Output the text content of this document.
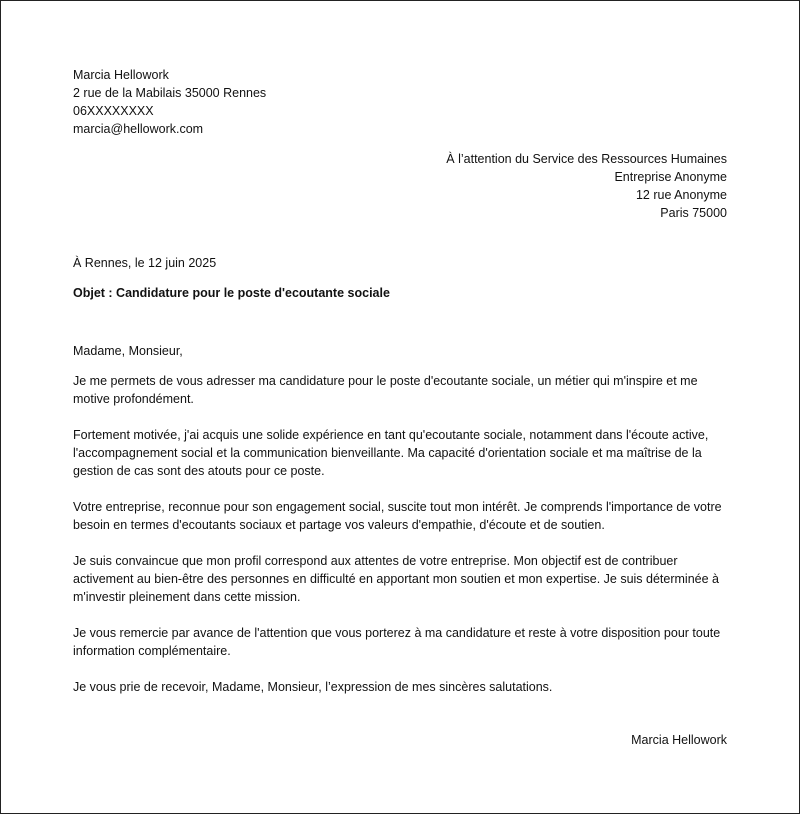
Marcia Hellowork
2 rue de la Mabilais 35000 Rennes
06XXXXXXXX
marcia@hellowork.com
À l’attention du Service des Ressources Humaines
Entreprise Anonyme
12 rue Anonyme
Paris 75000
À Rennes, le 12 juin 2025
Objet : Candidature pour le poste d'ecoutante sociale

Madame, Monsieur,

Je me permets de vous adresser ma candidature pour le poste d'ecoutante sociale, un métier qui m'inspire et me motive profondément.

Fortement motivée, j'ai acquis une solide expérience en tant qu'ecoutante sociale, notamment dans l'écoute active, l'accompagnement social et la communication bienveillante. Ma capacité d'orientation sociale et ma maîtrise de la gestion de cas sont des atouts pour ce poste.

Votre entreprise, reconnue pour son engagement social, suscite tout mon intérêt. Je comprends l'importance de votre besoin en termes d'ecoutants sociaux et partage vos valeurs d'empathie, d'écoute et de soutien.

Je suis convaincue que mon profil correspond aux attentes de votre entreprise. Mon objectif est de contribuer activement au bien-être des personnes en difficulté en apportant mon soutien et mon expertise. Je suis déterminée à m'investir pleinement dans cette mission.

Je vous remercie par avance de l'attention que vous porterez à ma candidature et reste à votre disposition pour toute information complémentaire.

Je vous prie de recevoir, Madame, Monsieur, l’expression de mes sincères salutations.

Marcia Hellowork
